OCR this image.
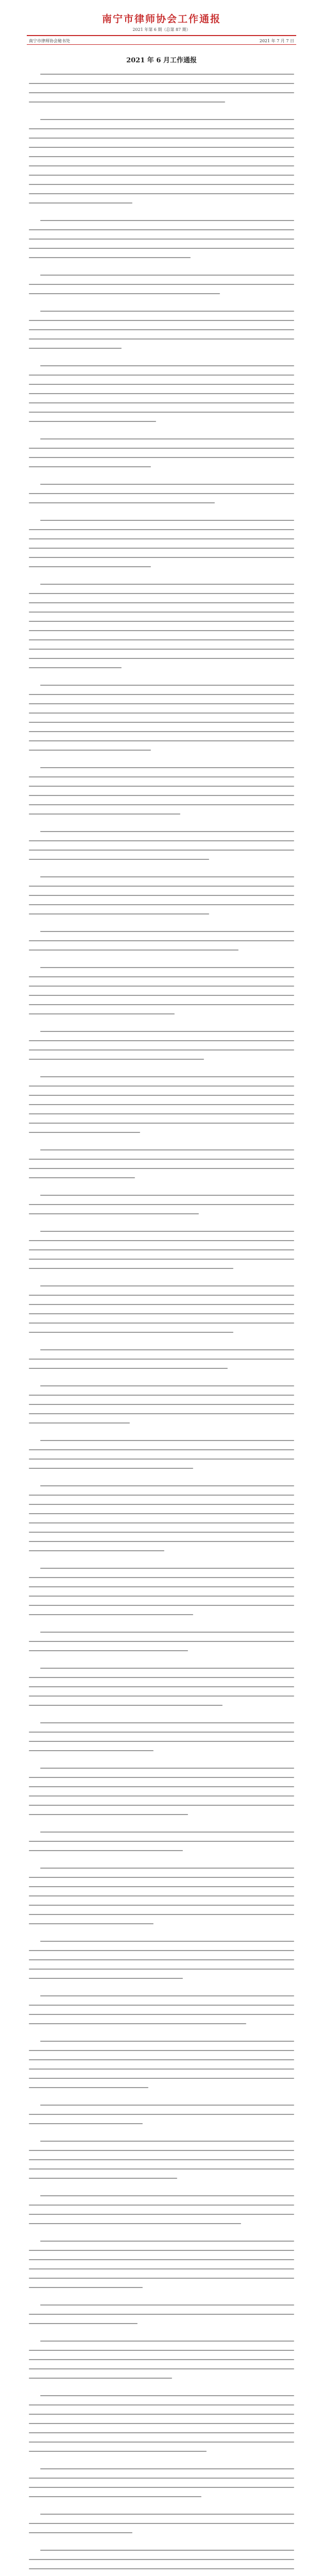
南宁市律师协会工作通报
2021 年第 6 期（总第 87 期）
南宁市律师协会秘书处	2021 年 7 月 7 日
2021 年 6 月工作通报
